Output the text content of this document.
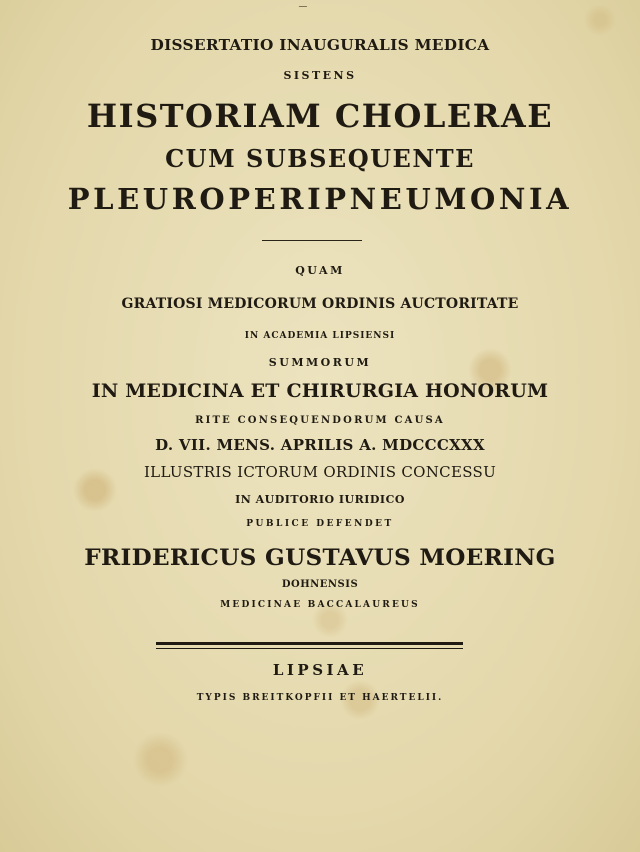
DISSERTATIO INAUGURALIS MEDICA
SISTENS
HISTORIAM CHOLERAE
CUM SUBSEQUENTE
PLEUROPERIPNEUMONIA
QUAM
GRATIOSI MEDICORUM ORDINIS AUCTORITATE
IN ACADEMIA LIPSIENSI
SUMMORUM
IN MEDICINA ET CHIRURGIA HONORUM
RITE CONSEQUENDORUM CAUSA
D. VII. MENS. APRILIS A. MDCCCXXX
ILLUSTRIS ICTORUM ORDINIS CONCESSU
IN AUDITORIO IURIDICO
PUBLICE DEFENDET
FRIDERICUS GUSTAVUS MOERING
DOHNENSIS
MEDICINAE BACCALAUREUS
LIPSIAE
TYPIS BREITKOPFII ET HAERTELII.
